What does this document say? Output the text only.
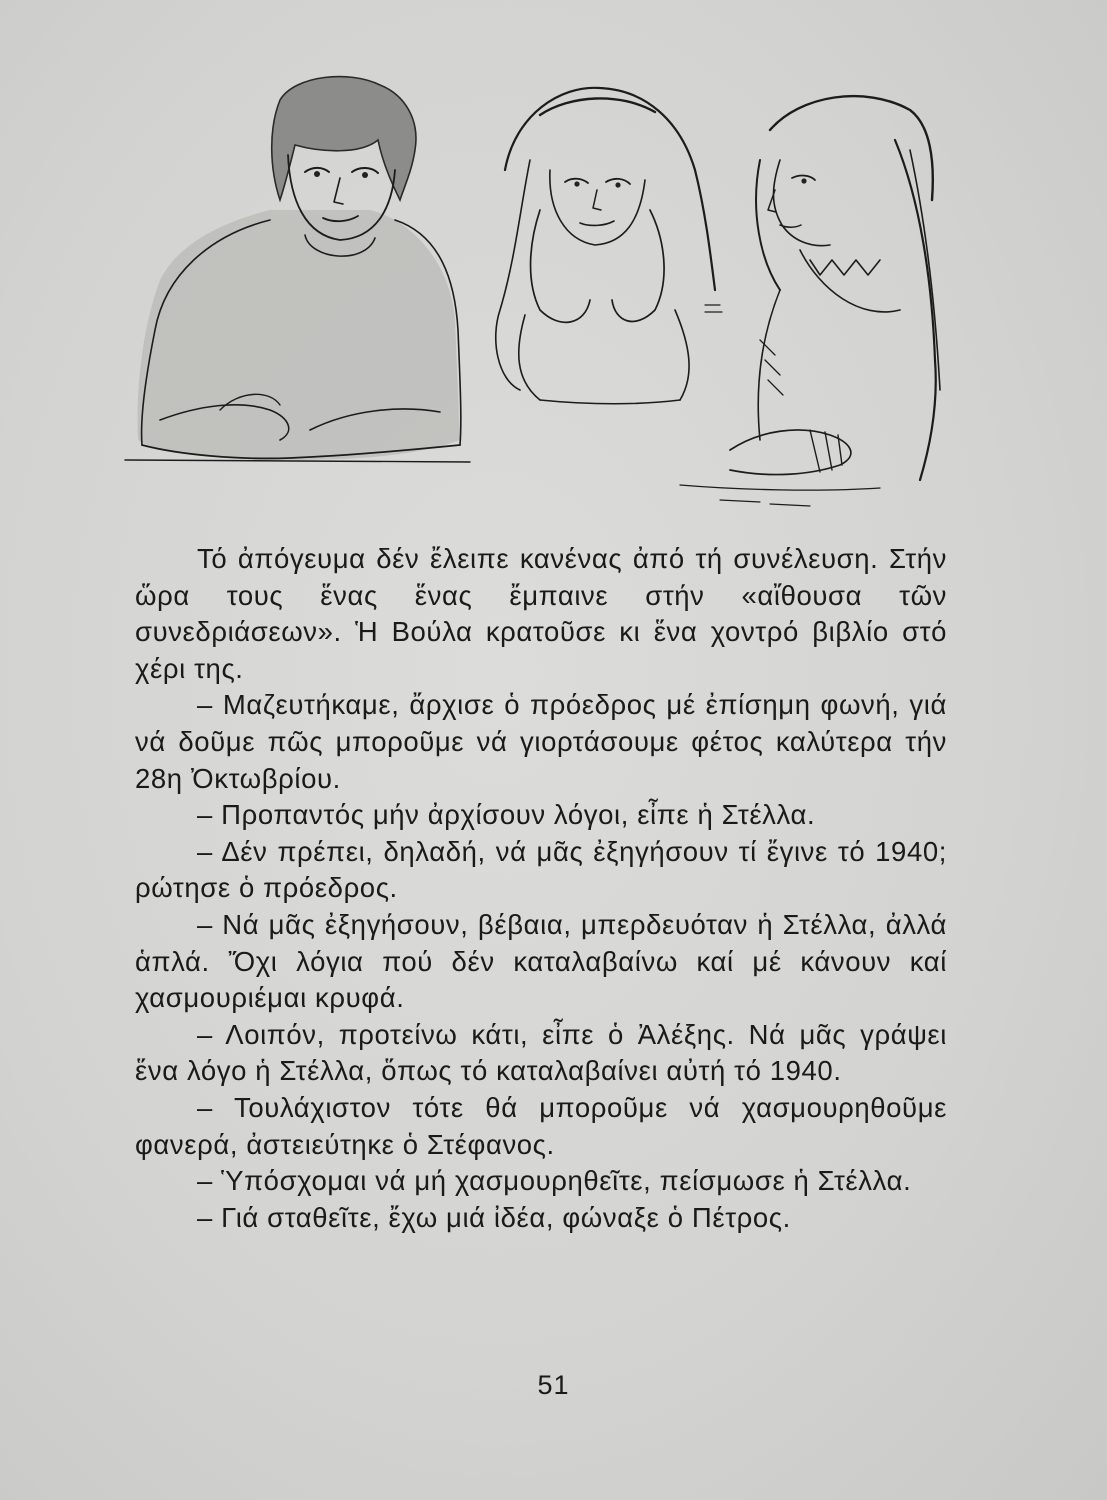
Τό ἀπόγευμα δέν ἔλειπε κανένας ἀπό τή συνέλευση. Στήν ὥρα τους ἕνας ἕνας ἔμπαινε στήν «αἴθουσα τῶν συνεδριάσεων». Ἡ Βούλα κρατοῦσε κι ἕνα χοντρό βιβλίο στό χέρι της.

– Μαζευτήκαμε, ἄρχισε ὁ πρόεδρος μέ ἐπίσημη φωνή, γιά νά δοῦμε πῶς μποροῦμε νά γιορτάσουμε φέτος καλύτερα τήν 28η Ὀκτωβρίου.

– Προπαντός μήν ἀρχίσουν λόγοι, εἶπε ἡ Στέλλα.

– Δέν πρέπει, δηλαδή, νά μᾶς ἐξηγήσουν τί ἔγινε τό 1940; ρώτησε ὁ πρόεδρος.

– Νά μᾶς ἐξηγήσουν, βέβαια, μπερδευόταν ἡ Στέλλα, ἀλλά ἁπλά. Ὄχι λόγια πού δέν καταλαβαίνω καί μέ κάνουν καί χασμουριέμαι κρυφά.

– Λοιπόν, προτείνω κάτι, εἶπε ὁ Ἀλέξης. Νά μᾶς γράψει ἕνα λόγο ἡ Στέλλα, ὅπως τό καταλαβαίνει αὐτή τό 1940.

– Τουλάχιστον τότε θά μποροῦμε νά χασμουρηθοῦμε φανερά, ἀστειεύτηκε ὁ Στέφανος.

– Ὑπόσχομαι νά μή χασμουρηθεῖτε, πείσμωσε ἡ Στέλλα.

– Γιά σταθεῖτε, ἔχω μιά ἰδέα, φώναξε ὁ Πέτρος.

51
